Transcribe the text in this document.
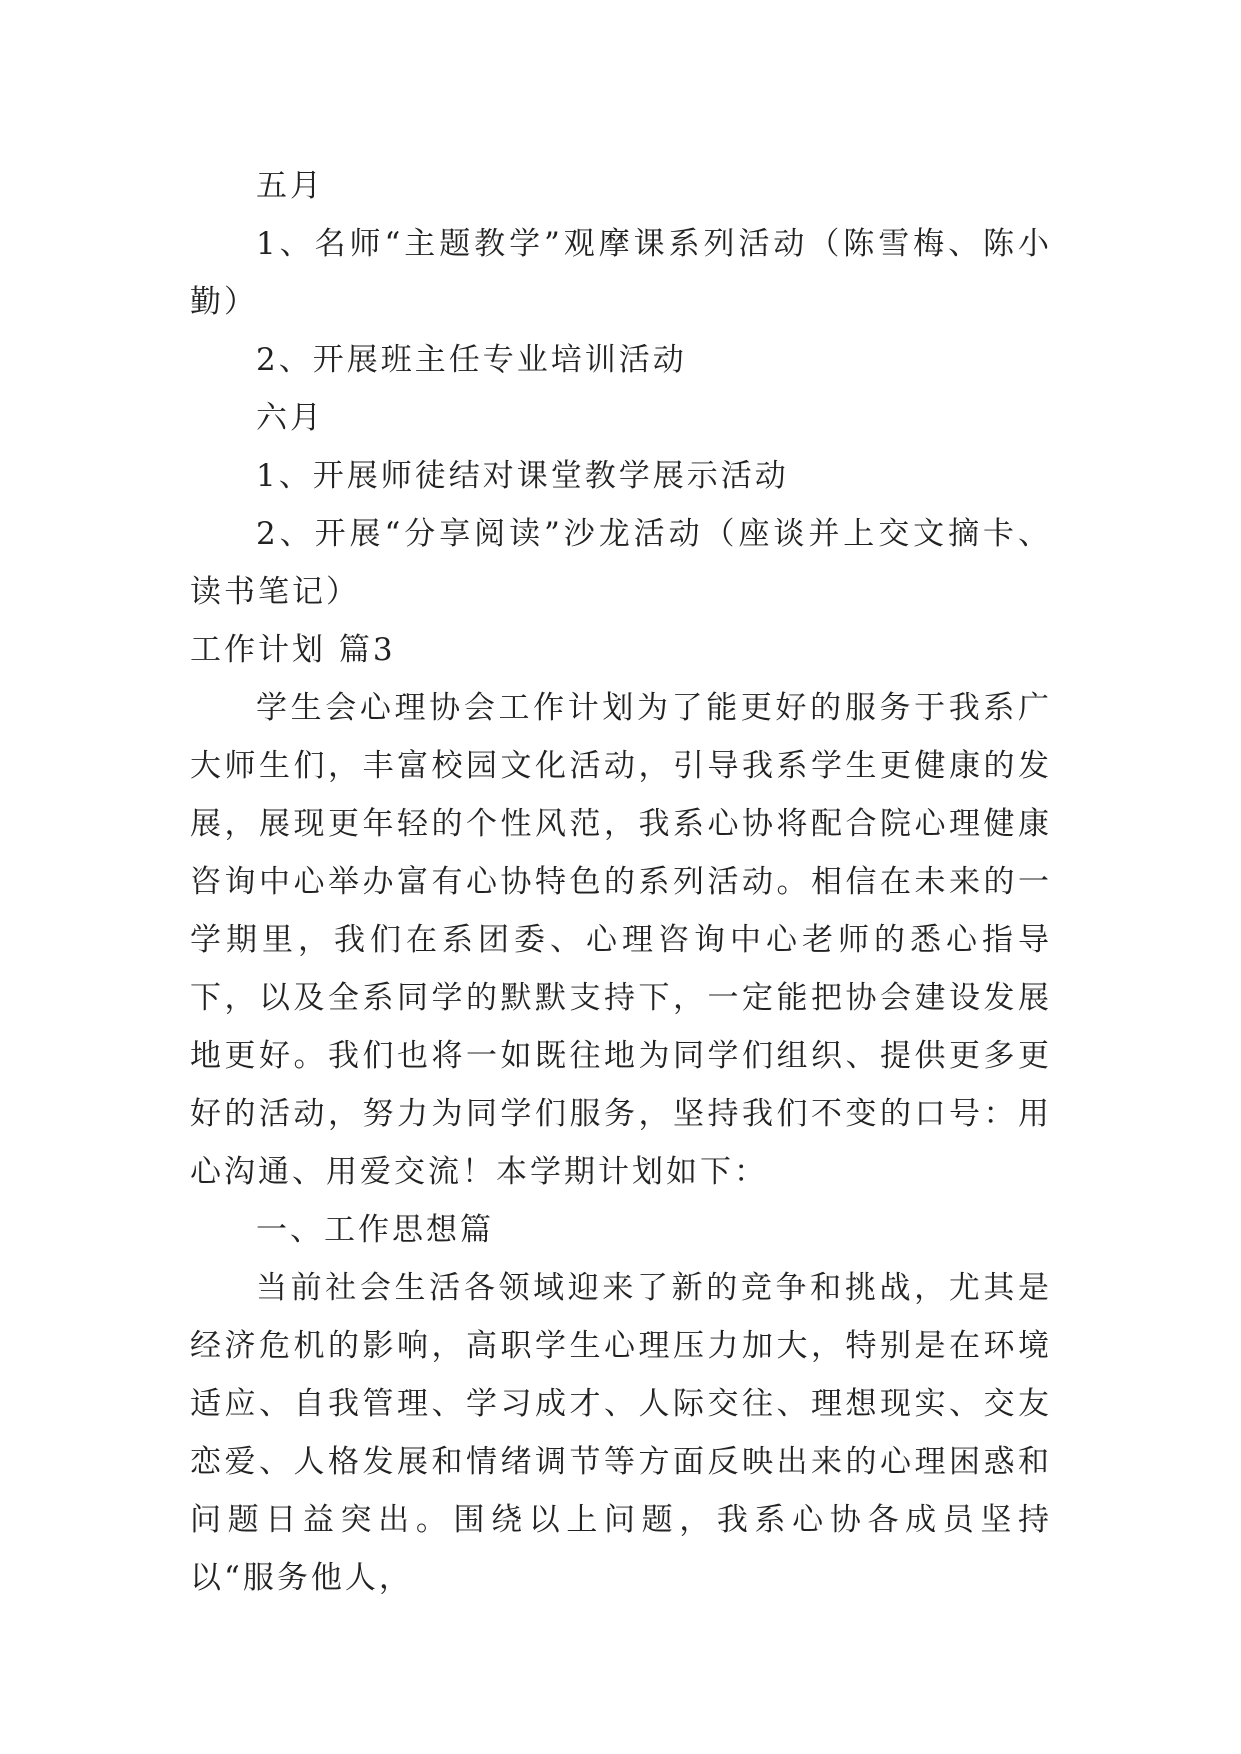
五月

1、名师“主题教学”观摩课系列活动（陈雪梅、陈小勤）

2、开展班主任专业培训活动

六月

1、开展师徒结对课堂教学展示活动

2、开展“分享阅读”沙龙活动（座谈并上交文摘卡、读书笔记）

工作计划 篇3

学生会心理协会工作计划为了能更好的服务于我系广大师生们，丰富校园文化活动，引导我系学生更健康的发展，展现更年轻的个性风范，我系心协将配合院心理健康咨询中心举办富有心协特色的系列活动。相信在未来的一学期里，我们在系团委、心理咨询中心老师的悉心指导下，以及全系同学的默默支持下，一定能把协会建设发展地更好。我们也将一如既往地为同学们组织、提供更多更好的活动，努力为同学们服务，坚持我们不变的口号：用心沟通、用爱交流！本学期计划如下：

一、工作思想篇

当前社会生活各领域迎来了新的竞争和挑战，尤其是经济危机的影响，高职学生心理压力加大，特别是在环境适应、自我管理、学习成才、人际交往、理想现实、交友恋爱、人格发展和情绪调节等方面反映出来的心理困惑和问题日益突出。围绕以上问题，我系心协各成员坚持以“服务他人，
